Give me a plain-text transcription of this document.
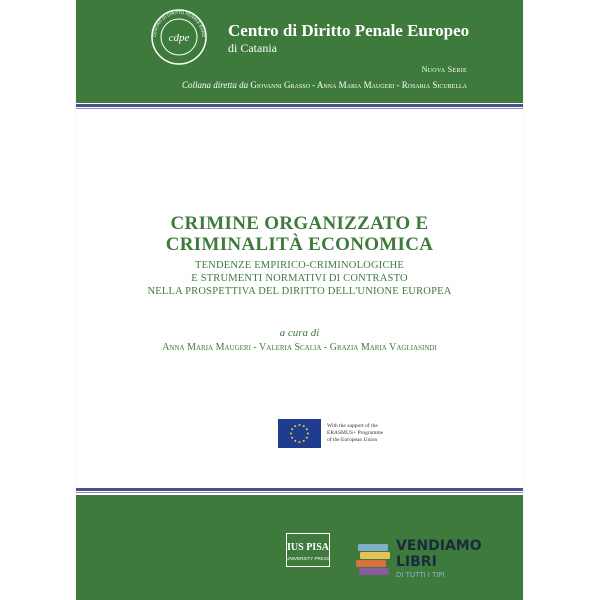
cdpe
CENTRO DI DIRITTO PENALE EURO Centro di Diritto Penale Europeo
di Catania
Nuova Serie
Collana diretta da Giovanni Grasso - Anna Maria Maugeri - Rosaria Sicurella
CRIMINE ORGANIZZATO E
CRIMINALITÀ ECONOMICA
TENDENZE EMPIRICO-CRIMINOLOGICHE
E STRUMENTI NORMATIVI DI CONTRASTO
NELLA PROSPETTIVA DEL DIRITTO DELL'UNIONE EUROPEA
a cura di
Anna Maria Maugeri - Valeria Scalia - Grazia Maria Vagliasindi
With the support of the
ERASMUS+ Programme
of the European Union
IUS PISA
UNIVERSITY PRESS
VENDIAMO
LIBRI
DI TUTTI I TIPI
